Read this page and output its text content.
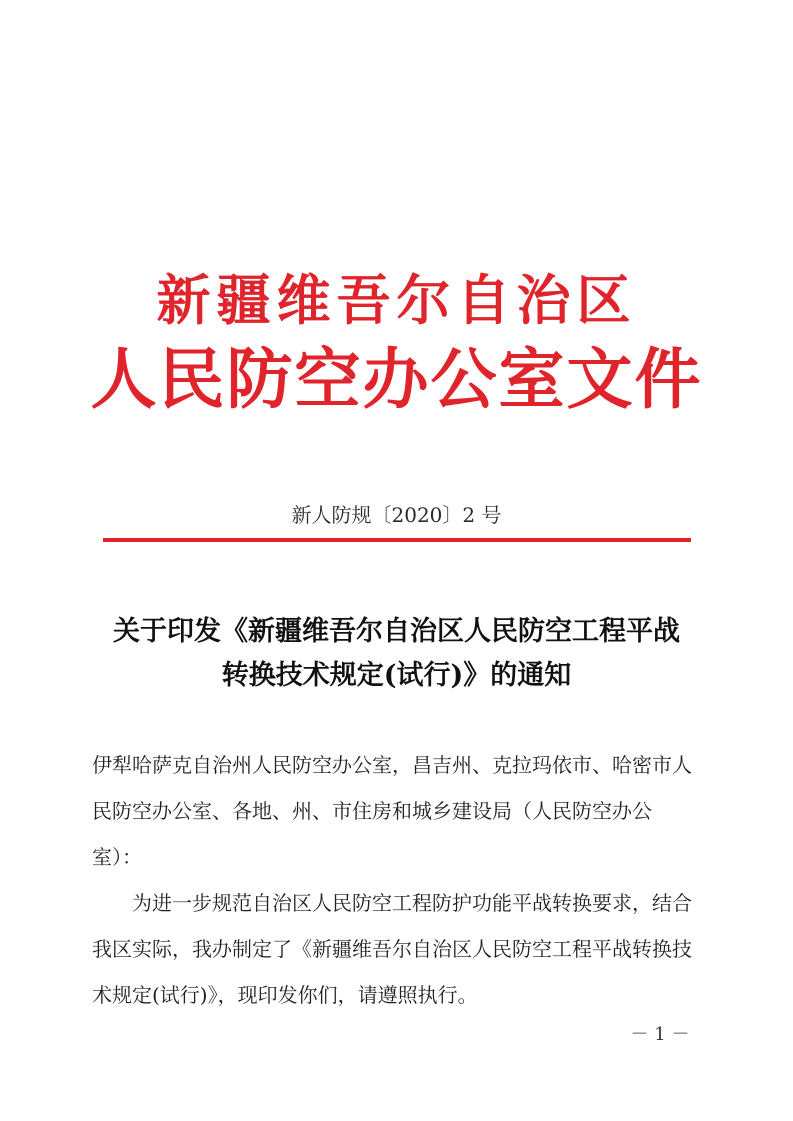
新疆维吾尔自治区
人民防空办公室文件
新人防规〔2020〕2 号
关于印发《新疆维吾尔自治区人民防空工程平战
转换技术规定(试行)》的通知
伊犁哈萨克自治州人民防空办公室，昌吉州、克拉玛依市、哈密市人民防空办公室、各地、州、市住房和城乡建设局（人民防空办公室）：
为进一步规范自治区人民防空工程防护功能平战转换要求，结合我区实际，我办制定了《新疆维吾尔自治区人民防空工程平战转换技术规定(试行)》，现印发你们，请遵照执行。
－ 1 －
